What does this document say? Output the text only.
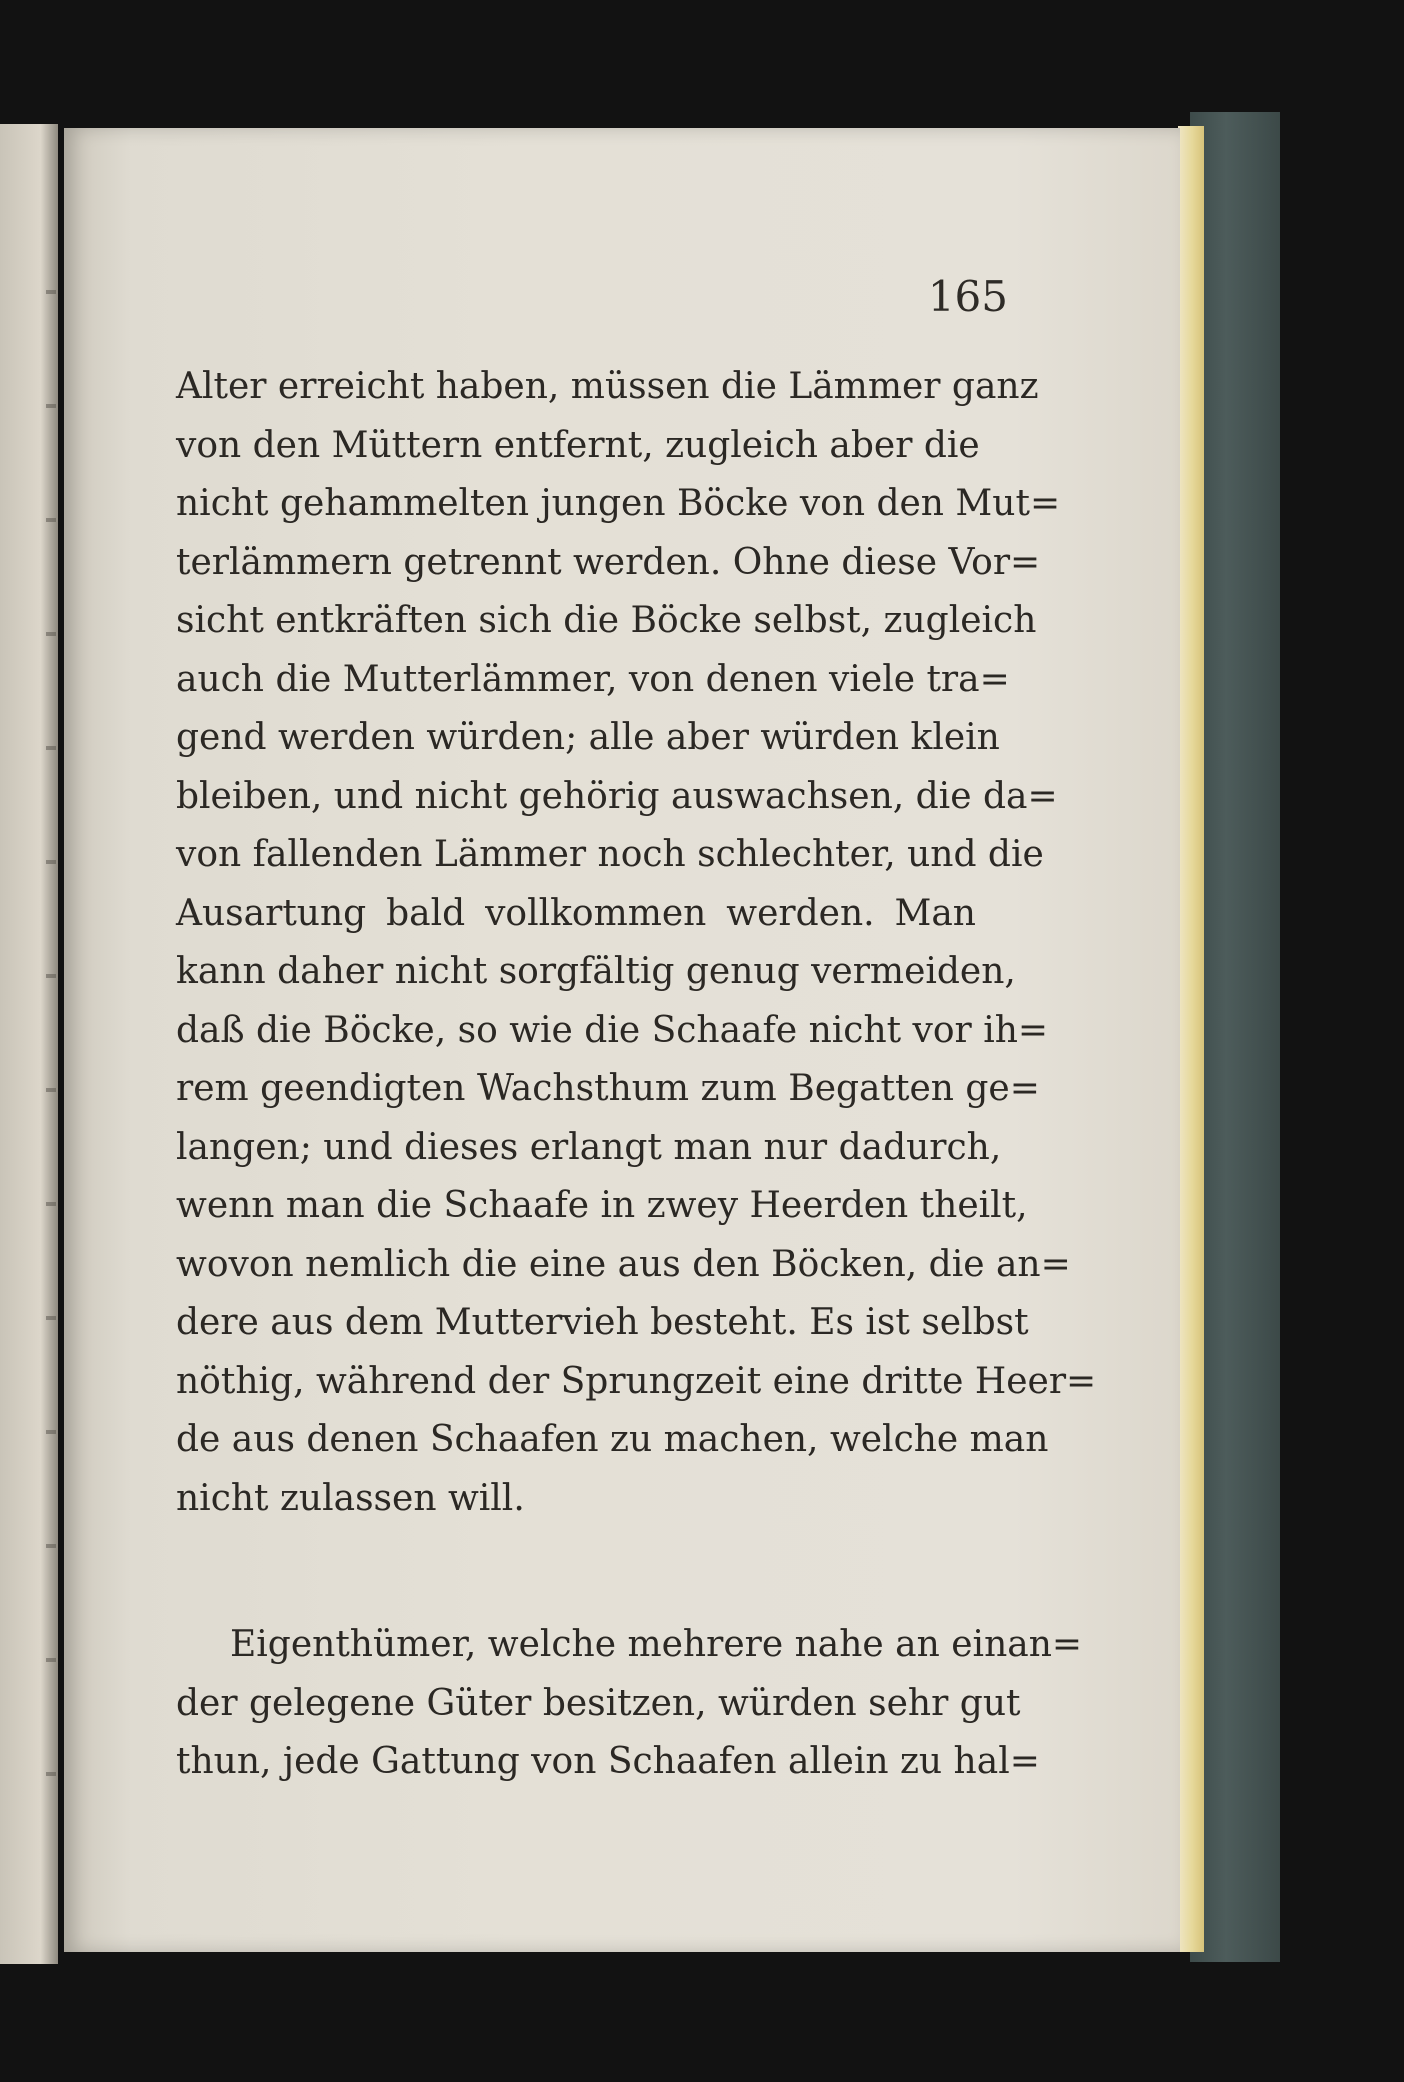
165
Alter erreicht haben, müssen die Lämmer ganz
von den Müttern entfernt, zugleich aber die
nicht gehammelten jungen Böcke von den Mut=
terlämmern getrennt werden. Ohne diese Vor=
sicht entkräften sich die Böcke selbst, zugleich
auch die Mutterlämmer, von denen viele tra=
gend werden würden; alle aber würden klein
bleiben, und nicht gehörig auswachsen, die da=
von fallenden Lämmer noch schlechter, und die
Ausartung bald vollkommen werden. Man
kann daher nicht sorgfältig genug vermeiden,
daß die Böcke, so wie die Schaafe nicht vor ih=
rem geendigten Wachsthum zum Begatten ge=
langen; und dieses erlangt man nur dadurch,
wenn man die Schaafe in zwey Heerden theilt,
wovon nemlich die eine aus den Böcken, die an=
dere aus dem Muttervieh besteht. Es ist selbst
nöthig, während der Sprungzeit eine dritte Heer=
de aus denen Schaafen zu machen, welche man
nicht zulassen will.
Eigenthümer, welche mehrere nahe an einan=
der gelegene Güter besitzen, würden sehr gut
thun, jede Gattung von Schaafen allein zu hal=
